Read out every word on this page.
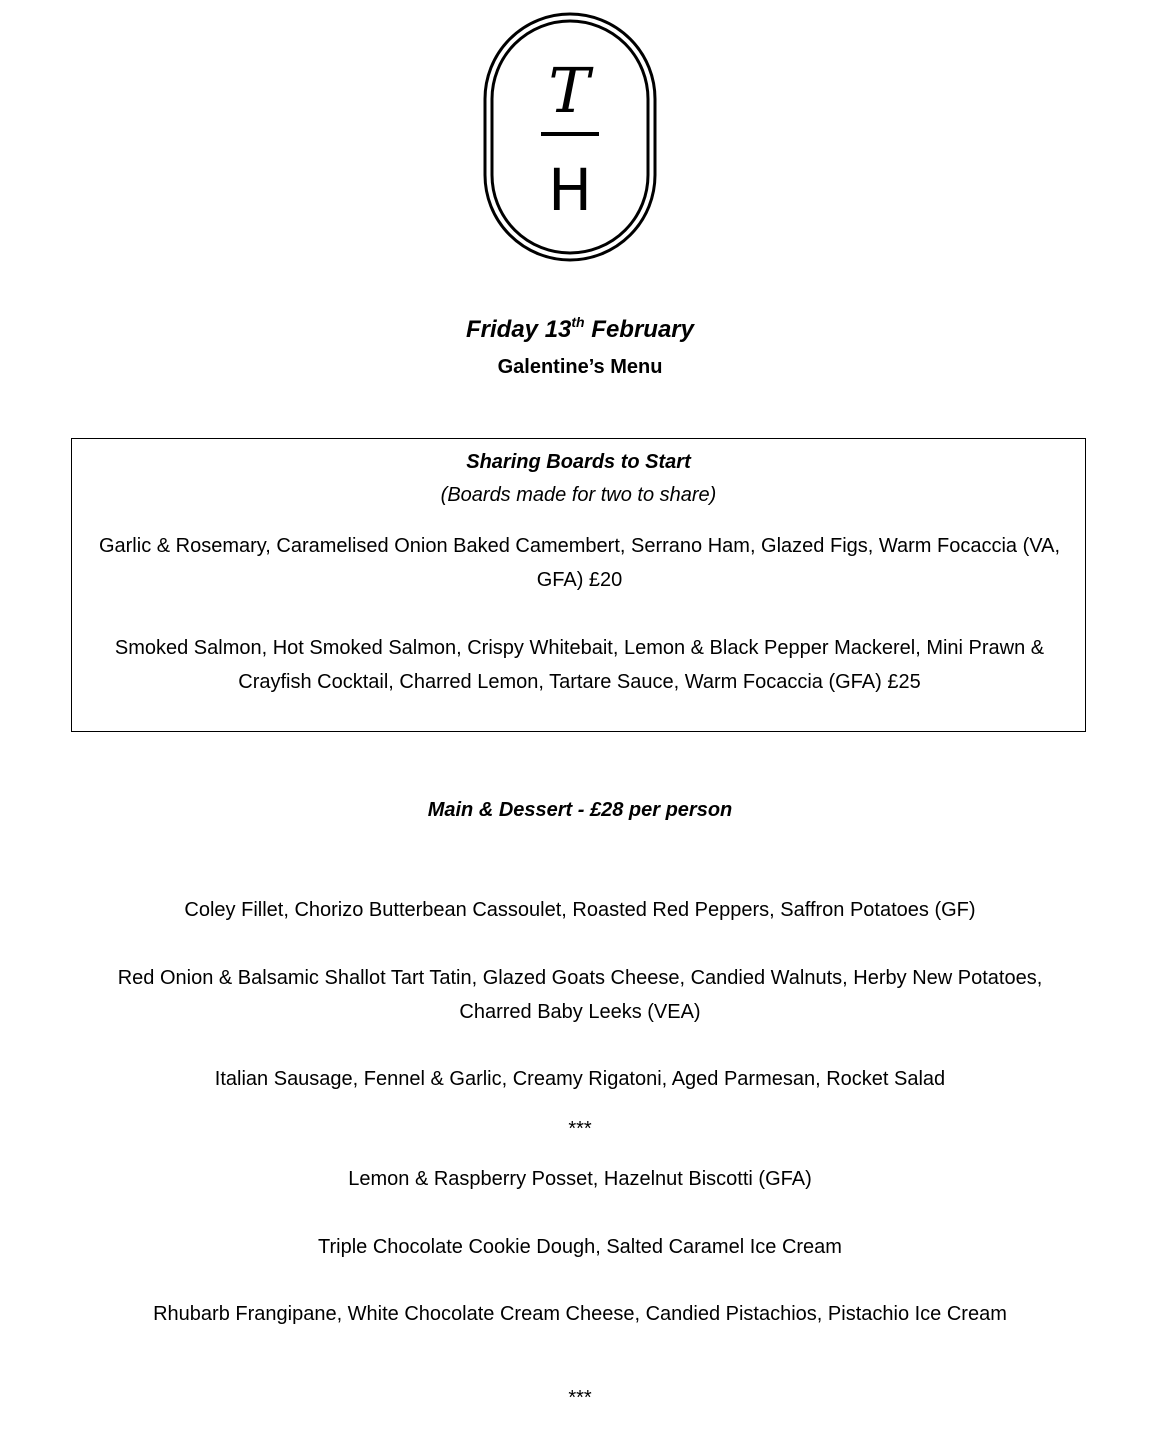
T
H
Friday 13th February
Galentine’s Menu
Sharing Boards to Start
(Boards made for two to share)
Garlic & Rosemary, Caramelised Onion Baked Camembert, Serrano Ham, Glazed Figs, Warm Focaccia (VA, GFA) £20
Smoked Salmon, Hot Smoked Salmon, Crispy Whitebait, Lemon & Black Pepper Mackerel, Mini Prawn & Crayfish Cocktail, Charred Lemon, Tartare Sauce, Warm Focaccia (GFA) £25
Main & Dessert - £28 per person
Coley Fillet, Chorizo Butterbean Cassoulet, Roasted Red Peppers, Saffron Potatoes (GF)
Red Onion & Balsamic Shallot Tart Tatin, Glazed Goats Cheese, Candied Walnuts, Herby New Potatoes, Charred Baby Leeks (VEA)
Italian Sausage, Fennel & Garlic, Creamy Rigatoni, Aged Parmesan, Rocket Salad
***
Lemon & Raspberry Posset, Hazelnut Biscotti (GFA)
Triple Chocolate Cookie Dough, Salted Caramel Ice Cream
Rhubarb Frangipane, White Chocolate Cream Cheese, Candied Pistachios, Pistachio Ice Cream
***
